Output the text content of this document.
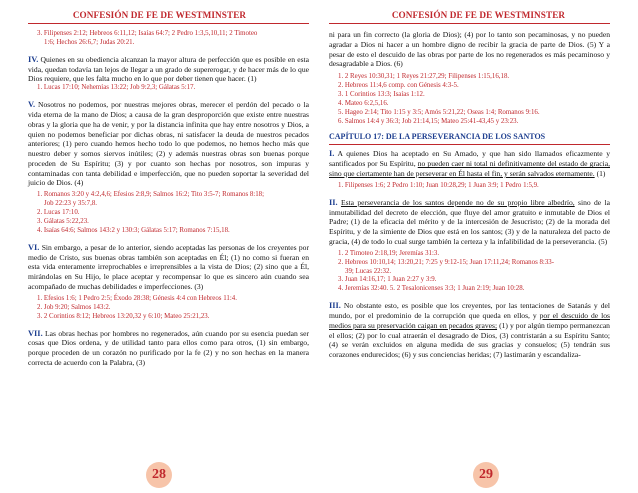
CONFESIÓN DE FE DE WESTMINSTER
3. Filipenses 2:12; Hebreos 6:11,12; Isaías 64:7; 2 Pedro 1:3,5,10,11; 2 Timoteo
1:6; Hechos 26:6,7; Judas 20:21.

IV. Quienes en su obediencia alcanzan la mayor altura de perfección que es posible en esta vida, quedan todavía tan lejos de llegar a un grado de supererogar, y de hacer más de lo que Dios requiere, que les falta mucho en lo que por deber tienen que hacer. (1)

1. Lucas 17:10; Nehemías 13:22; Job 9:2,3; Gálatas 5:17.

V. Nosotros no podemos, por nuestras mejores obras, merecer el perdón del pecado o la vida eterna de la mano de Dios; a causa de la gran desproporción que existe entre nuestras obras y la gloria que ha de venir, y por la distancia infinita que hay entre nosotros y Dios, a quien no podemos beneficiar por dichas obras, ni satisfacer la deuda de nuestros pecados anteriores; (1) pero cuando hemos hecho todo lo que podemos, no hemos hecho más que nuestro deber y somos siervos inútiles; (2) y además nuestras obras son buenas porque proceden de Su Espíritu; (3) y por cuanto son hechas por nosotros, son impuras y contaminadas con tanta debilidad e imperfección, que no pueden soportar la severidad del juicio de Dios. (4)

1. Romanos 3:20 y 4:2,4,6; Efesios 2:8,9; Salmos 16:2; Tito 3:5-7; Romanos 8:18;
Job 22:23 y 35:7,8.
2. Lucas 17:10.
3. Gálatas 5:22,23.
4. Isaías 64:6; Salmos 143:2 y 130:3; Gálatas 5:17; Romanos 7:15,18.

VI. Sin embargo, a pesar de lo anterior, siendo aceptadas las personas de los creyentes por medio de Cristo, sus buenas obras también son aceptadas en Él; (1) no como si fueran en esta vida enteramente irreprochables e irreprensibles a la vista de Dios; (2) sino que a Él, mirándolas en Su Hijo, le place aceptar y recompensar lo que es sincero aún cuando sea acompañado de muchas debilidades e imperfecciones. (3)

1. Efesios 1:6; 1 Pedro 2:5; Éxodo 28:38; Génesis 4:4 con Hebreos 11:4.
2. Job 9:20; Salmos 143:2.
3. 2 Corintios 8:12; Hebreos 13:20,32 y 6:10; Mateo 25:21,23.

VII. Las obras hechas por hombres no regenerados, aún cuando por su esencia puedan ser cosas que Dios ordena, y de utilidad tanto para ellos como para otros, (1) sin embargo, porque proceden de un corazón no purificado por la fe (2) y no son hechas en la manera correcta de acuerdo con la Palabra, (3)

28
CONFESIÓN DE FE DE WESTMINSTER

ni para un fin correcto (la gloria de Dios); (4) por lo tanto son pecaminosas, y no pueden agradar a Dios ni hacer a un hombre digno de recibir la gracia de parte de Dios. (5) Y a pesar de esto el descuido de las obras por parte de los no regenerados es más pecaminoso y desagradable a Dios. (6)

1. 2 Reyes 10:30,31; 1 Reyes 21:27,29; Filipenses 1:15,16,18.
2. Hebreos 11:4,6 comp. con Génesis 4:3-5.
3. 1 Corintios 13:3; Isaías 1:12.
4. Mateo 6:2,5,16.
5. Hageo 2:14; Tito 1:15 y 3:5; Amós 5:21,22; Oseas 1:4; Romanos 9:16.
6. Salmos 14:4 y 36:3; Job 21:14,15; Mateo 25:41-43,45 y 23:23.
CAPÍTULO 17: DE LA PERSEVERANCIA DE LOS SANTOS

I. A quienes Dios ha aceptado en Su Amado, y que han sido llamados eficazmente y santificados por Su Espíritu, no pueden caer ni total ni definitivamente del estado de gracia, sino que ciertamente han de perseverar en Él hasta el fin, y serán salvados eternamente. (1)

1. Filipenses 1:6; 2 Pedro 1:10; Juan 10:28,29; 1 Juan 3:9; 1 Pedro 1:5,9.

II. Esta perseverancia de los santos depende no de su propio libre albedrío, sino de la inmutabilidad del decreto de elección, que fluye del amor gratuito e inmutable de Dios el Padre; (1) de la eficacia del mérito y de la intercesión de Jesucristo; (2) de la morada del Espíritu, y de la simiente de Dios que está en los santos; (3) y de la naturaleza del pacto de gracia, (4) de todo lo cual surge también la certeza y la infalibilidad de la perseverancia. (5)

1. 2 Timoteo 2:18,19; Jeremías 31:3.
2. Hebreos 10:10,14; 13:20,21; 7:25 y 9:12-15; Juan 17:11,24; Romanos 8:33-
39; Lucas 22:32.
3. Juan 14:16,17; 1 Juan 2:27 y 3:9.
4. Jeremías 32:40. 5. 2 Tesalonicenses 3:3; 1 Juan 2:19; Juan 10:28.

III. No obstante esto, es posible que los creyentes, por las tentaciones de Satanás y del mundo, por el predominio de la corrupción que queda en ellos, y por el descuido de los medios para su preservación caigan en pecados graves; (1) y por algún tiempo permanezcan el ellos; (2) por lo cual atraerán el desagrado de Dios, (3) contristarán a su Espíritu Santo; (4) se verán excluidos en alguna medida de sus gracias y consuelos; (5) tendrán sus corazones endurecidos; (6) y sus conciencias heridas; (7) lastimarán y escandaliza-

29
